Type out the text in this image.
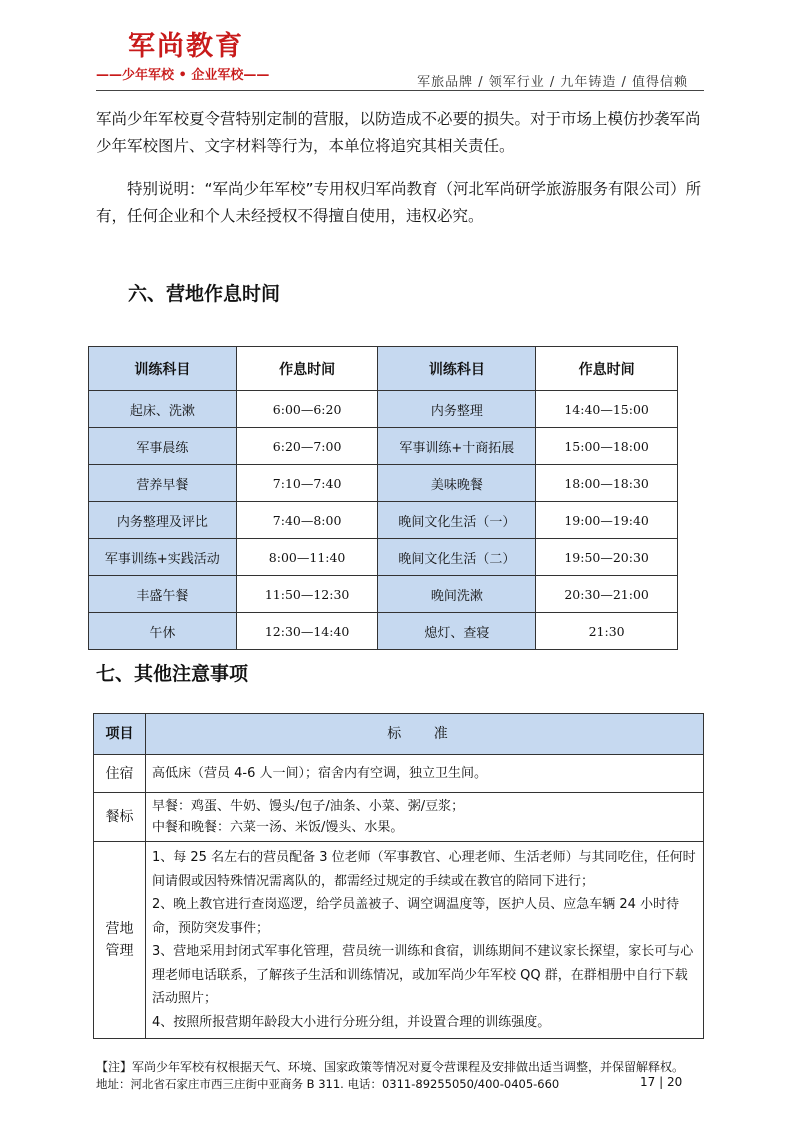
军尚教育
——少年军校 • 企业军校——	军旅品牌 / 领军行业 / 九年铸造 / 值得信赖

军尚少年军校夏令营特别定制的营服，以防造成不必要的损失。对于市场上模仿抄袭军尚少年军校图片、文字材料等行为，本单位将追究其相关责任。

特别说明：“军尚少年军校”专用权归军尚教育（河北军尚研学旅游服务有限公司）所有，任何企业和个人未经授权不得擅自使用，违权必究。

六、营地作息时间
训练科目	作息时间	训练科目	作息时间
起床、洗漱	6:00—6:20	内务整理	14:40—15:00
军事晨练	6:20—7:00	军事训练+十商拓展	15:00—18:00
营养早餐	7:10—7:40	美味晚餐	18:00—18:30
内务整理及评比	7:40—8:00	晚间文化生活（一）	19:00—19:40
军事训练+实践活动	8:00—11:40	晚间文化生活（二）	19:50—20:30
丰盛午餐	11:50—12:30	晚间洗漱	20:30—21:00
午休	12:30—14:40	熄灯、查寝	21:30
七、其他注意事项
项目	标 准
住宿	高低床（营员 4-6 人一间）；宿舍内有空调，独立卫生间。

餐标	早餐：鸡蛋、牛奶、馒头/包子/油条、小菜、粥/豆浆；
中餐和晚餐：六菜一汤、米饭/馒头、水果。

营地管理	1、每 25 名左右的营员配备 3 位老师（军事教官、心理老师、生活老师）与其同吃住，任何时间请假或因特殊情况需离队的，都需经过规定的手续或在教官的陪同下进行；
2、晚上教官进行查岗巡逻，给学员盖被子、调空调温度等，医护人员、应急车辆 24 小时待命，预防突发事件；
3、营地采用封闭式军事化管理，营员统一训练和食宿，训练期间不建议家长探望，家长可与心理老师电话联系，了解孩子生活和训练情况，或加军尚少年军校 QQ 群，在群相册中自行下载活动照片；
4、按照所报营期年龄段大小进行分班分组，并设置合理的训练强度。
【注】军尚少年军校有权根据天气、环境、国家政策等情况对夏令营课程及安排做出适当调整，并保留解释权。
地址：河北省石家庄市西三庄街中亚商务 B 311. 电话：0311-89255050/400-0405-660	17 | 20
